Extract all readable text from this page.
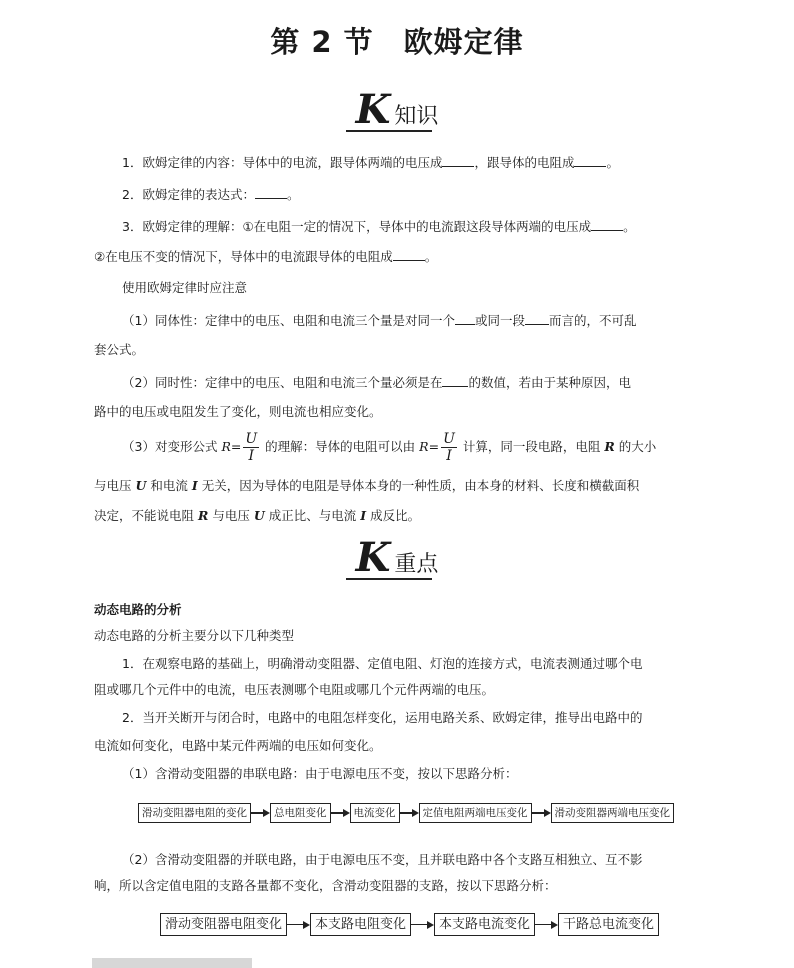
第 2 节　欧姆定律
K知识
1．欧姆定律的内容：导体中的电流，跟导体两端的电压成	，跟导体的电阻成	。
2．欧姆定律的表达式：	。
3．欧姆定律的理解：①在电阻一定的情况下，导体中的电流跟这段导体两端的电压成	。
②在电压不变的情况下，导体中的电流跟导体的电阻成	。
使用欧姆定律时应注意
（1）同体性：定律中的电压、电阻和电流三个量是对同一个 或同一段 而言的，不可乱
套公式。
（2）同时性：定律中的电压、电阻和电流三个量必须是在 的数值，若由于某种原因，电
路中的电压或电阻发生了变化，则电流也相应变化。
（3）对变形公式 $R= \frac{U}{I}$ 的理解：导体的电阻可以由 $R= \frac{U}{I}$ 计算，同一段电路，电阻 R 的大小
与电压 U 和电流 I 无关，因为导体的电阻是导体本身的一种性质，由本身的材料、长度和横截面积
决定，不能说电阻 R 与电压 U 成正比、与电流 I 成反比。
K重点
动态电路的分析
动态电路的分析主要分以下几种类型
1．在观察电路的基础上，明确滑动变阻器、定值电阻、灯泡的连接方式，电流表测通过哪个电
阻或哪几个元件中的电流，电压表测哪个电阻或哪几个元件两端的电压。
2．当开关断开与闭合时，电路中的电阻怎样变化，运用电路关系、欧姆定律，推导出电路中的
电流如何变化，电路中某元件两端的电压如何变化。
（1）含滑动变阻器的串联电路：由于电源电压不变，按以下思路分析：
滑动变阻器电阻的变化	总电阻变化	电流变化	定值电阻两端电压变化	滑动变阻器两端电压变化
（2）含滑动变阻器的并联电路，由于电源电压不变，且并联电路中各个支路互相独立、互不影
响，所以含定值电阻的支路各量都不变化，含滑动变阻器的支路，按以下思路分析：
滑动变阻器电阻变化	本支路电阻变化	本支路电流变化	干路总电流变化
